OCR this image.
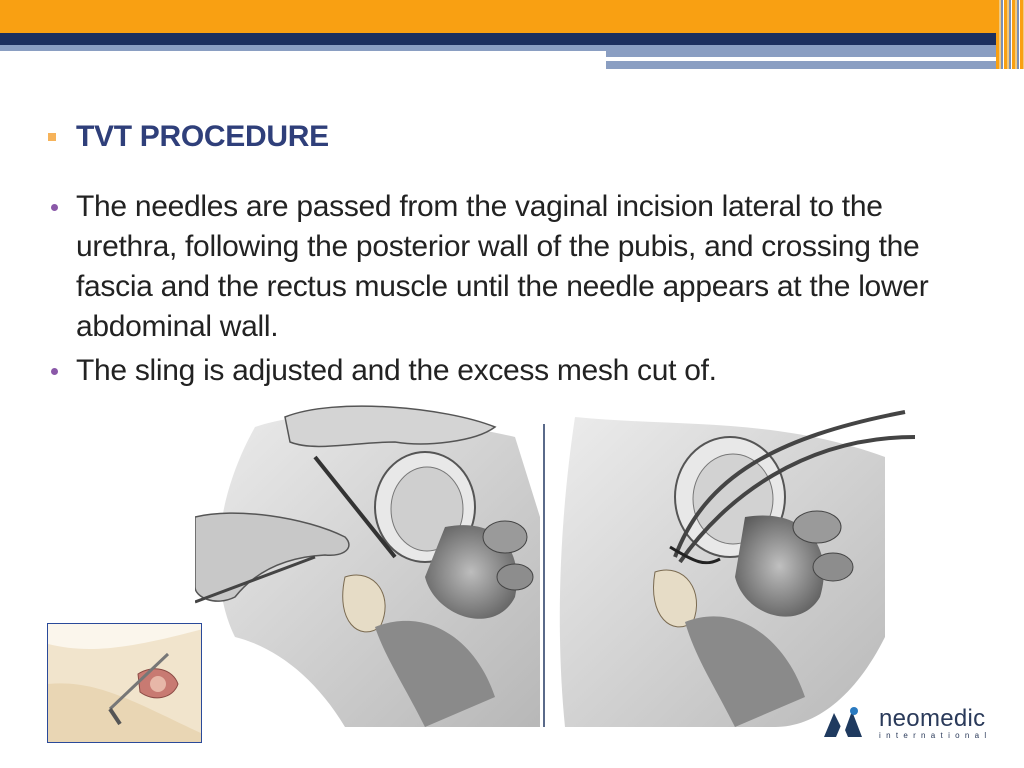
TVT PROCEDURE
The needles are passed from the vaginal incision lateral to the urethra, following the posterior wall of the pubis, and crossing the fascia and the rectus muscle until the needle appears at the lower abdominal wall.
The sling is adjusted and the excess mesh cut of.
neomedic
international
